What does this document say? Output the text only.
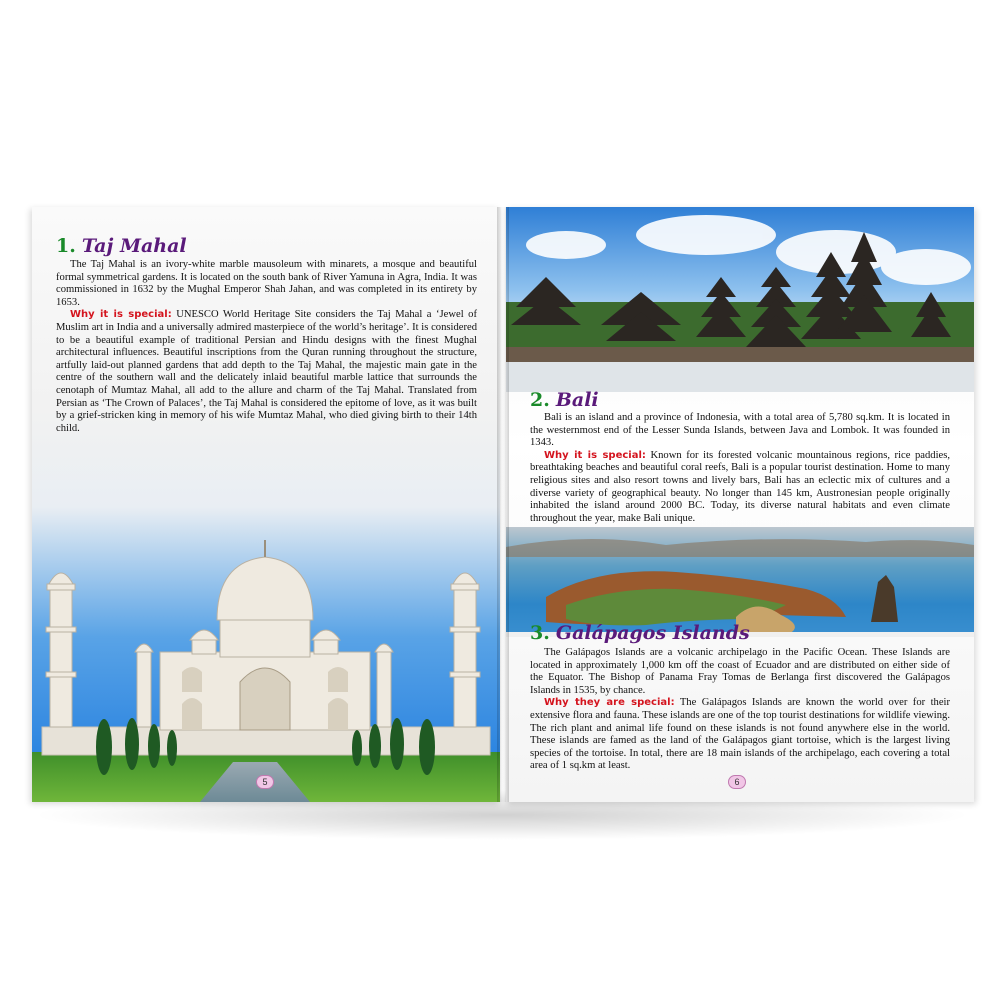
1. Taj Mahal

The Taj Mahal is an ivory-white marble mausoleum with minarets, a mosque and beautiful formal symmetrical gardens. It is located on the south bank of River Yamuna in Agra, India. It was commissioned in 1632 by the Mughal Emperor Shah Jahan, and was completed in its entirety by 1653.

Why it is special: UNESCO World Heritage Site considers the Taj Mahal a ‘Jewel of Muslim art in India and a universally admired masterpiece of the world’s heritage’. It is considered to be a beautiful example of traditional Persian and Hindu designs with the finest Mughal architectural influences. Beautiful inscriptions from the Quran running throughout the structure, artfully laid-out planned gardens that add depth to the Taj Mahal, the majestic main gate in the centre of the southern wall and the delicately inlaid beautiful marble lattice that surrounds the cenotaph of Mumtaz Mahal, all add to the allure and charm of the Taj Mahal. Translated from Persian as ‘The Crown of Palaces’, the Taj Mahal is considered the epitome of love, as it was built by a grief-stricken king in memory of his wife Mumtaz Mahal, who died giving birth to their 14th child.

5
2. Bali

Bali is an island and a province of Indonesia, with a total area of 5,780 sq.km. It is located in the westernmost end of the Lesser Sunda Islands, between Java and Lombok. It was founded in 1343.

Why it is special: Known for its forested volcanic mountainous regions, rice paddies, breathtaking beaches and beautiful coral reefs, Bali is a popular tourist destination. Home to many religious sites and also resort towns and lively bars, Bali has an eclectic mix of cultures and a diverse variety of geographical beauty. No longer than 145 km, Austronesian people originally inhabited the island around 2000 BC. Today, its diverse natural habitats and even climate throughout the year, make Bali unique.

3. Galápagos Islands

The Galápagos Islands are a volcanic archipelago in the Pacific Ocean. These Islands are located in approximately 1,000 km off the coast of Ecuador and are distributed on either side of the Equator. The Bishop of Panama Fray Tomas de Berlanga first discovered the Galápagos Islands in 1535, by chance.

Why they are special: The Galápagos Islands are known the world over for their extensive flora and fauna. These islands are one of the top tourist destinations for wildlife viewing. The rich plant and animal life found on these islands is not found anywhere else in the world. These islands are famed as the land of the Galápagos giant tortoise, which is the largest living species of the tortoise. In total, there are 18 main islands of the archipelago, each covering a total area of 1 sq.km at least.

6
